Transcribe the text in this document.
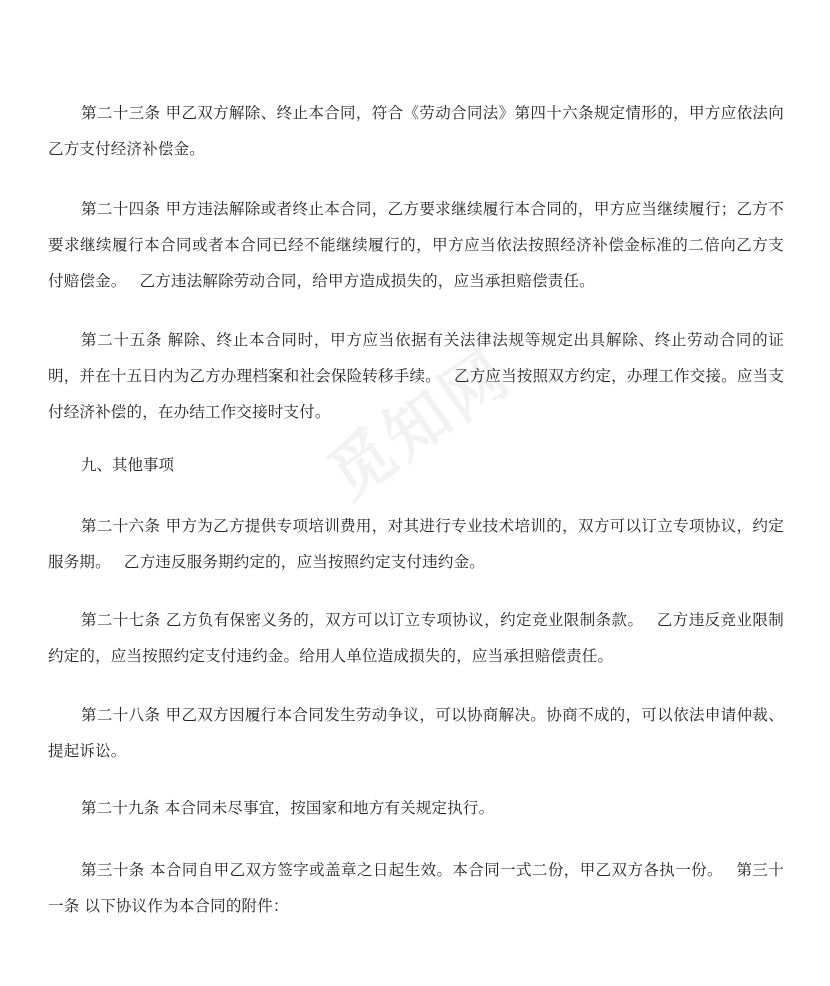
第二十三条 甲乙双方解除、终止本合同，符合《劳动合同法》第四十六条规定情形的，甲方应依法向乙方支付经济补偿金。

第二十四条 甲方违法解除或者终止本合同，乙方要求继续履行本合同的，甲方应当继续履行；乙方不要求继续履行本合同或者本合同已经不能继续履行的，甲方应当依法按照经济补偿金标准的二倍向乙方支付赔偿金。　 乙方违法解除劳动合同，给甲方造成损失的，应当承担赔偿责任。

第二十五条 解除、终止本合同时，甲方应当依据有关法律法规等规定出具解除、终止劳动合同的证明，并在十五日内为乙方办理档案和社会保险转移手续。　 乙方应当按照双方约定，办理工作交接。应当支付经济补偿的，在办结工作交接时支付。

九、其他事项

第二十六条 甲方为乙方提供专项培训费用，对其进行专业技术培训的，双方可以订立专项协议，约定服务期。　 乙方违反服务期约定的，应当按照约定支付违约金。

第二十七条 乙方负有保密义务的，双方可以订立专项协议，约定竞业限制条款。　 乙方违反竞业限制约定的，应当按照约定支付违约金。给用人单位造成损失的，应当承担赔偿责任。

第二十八条 甲乙双方因履行本合同发生劳动争议，可以协商解决。协商不成的，可以依法申请仲裁、提起诉讼。

第二十九条 本合同未尽事宜，按国家和地方有关规定执行。

第三十条 本合同自甲乙双方签字或盖章之日起生效。本合同一式二份，甲乙双方各执一份。　 第三十一条 以下协议作为本合同的附件：

觅知网
